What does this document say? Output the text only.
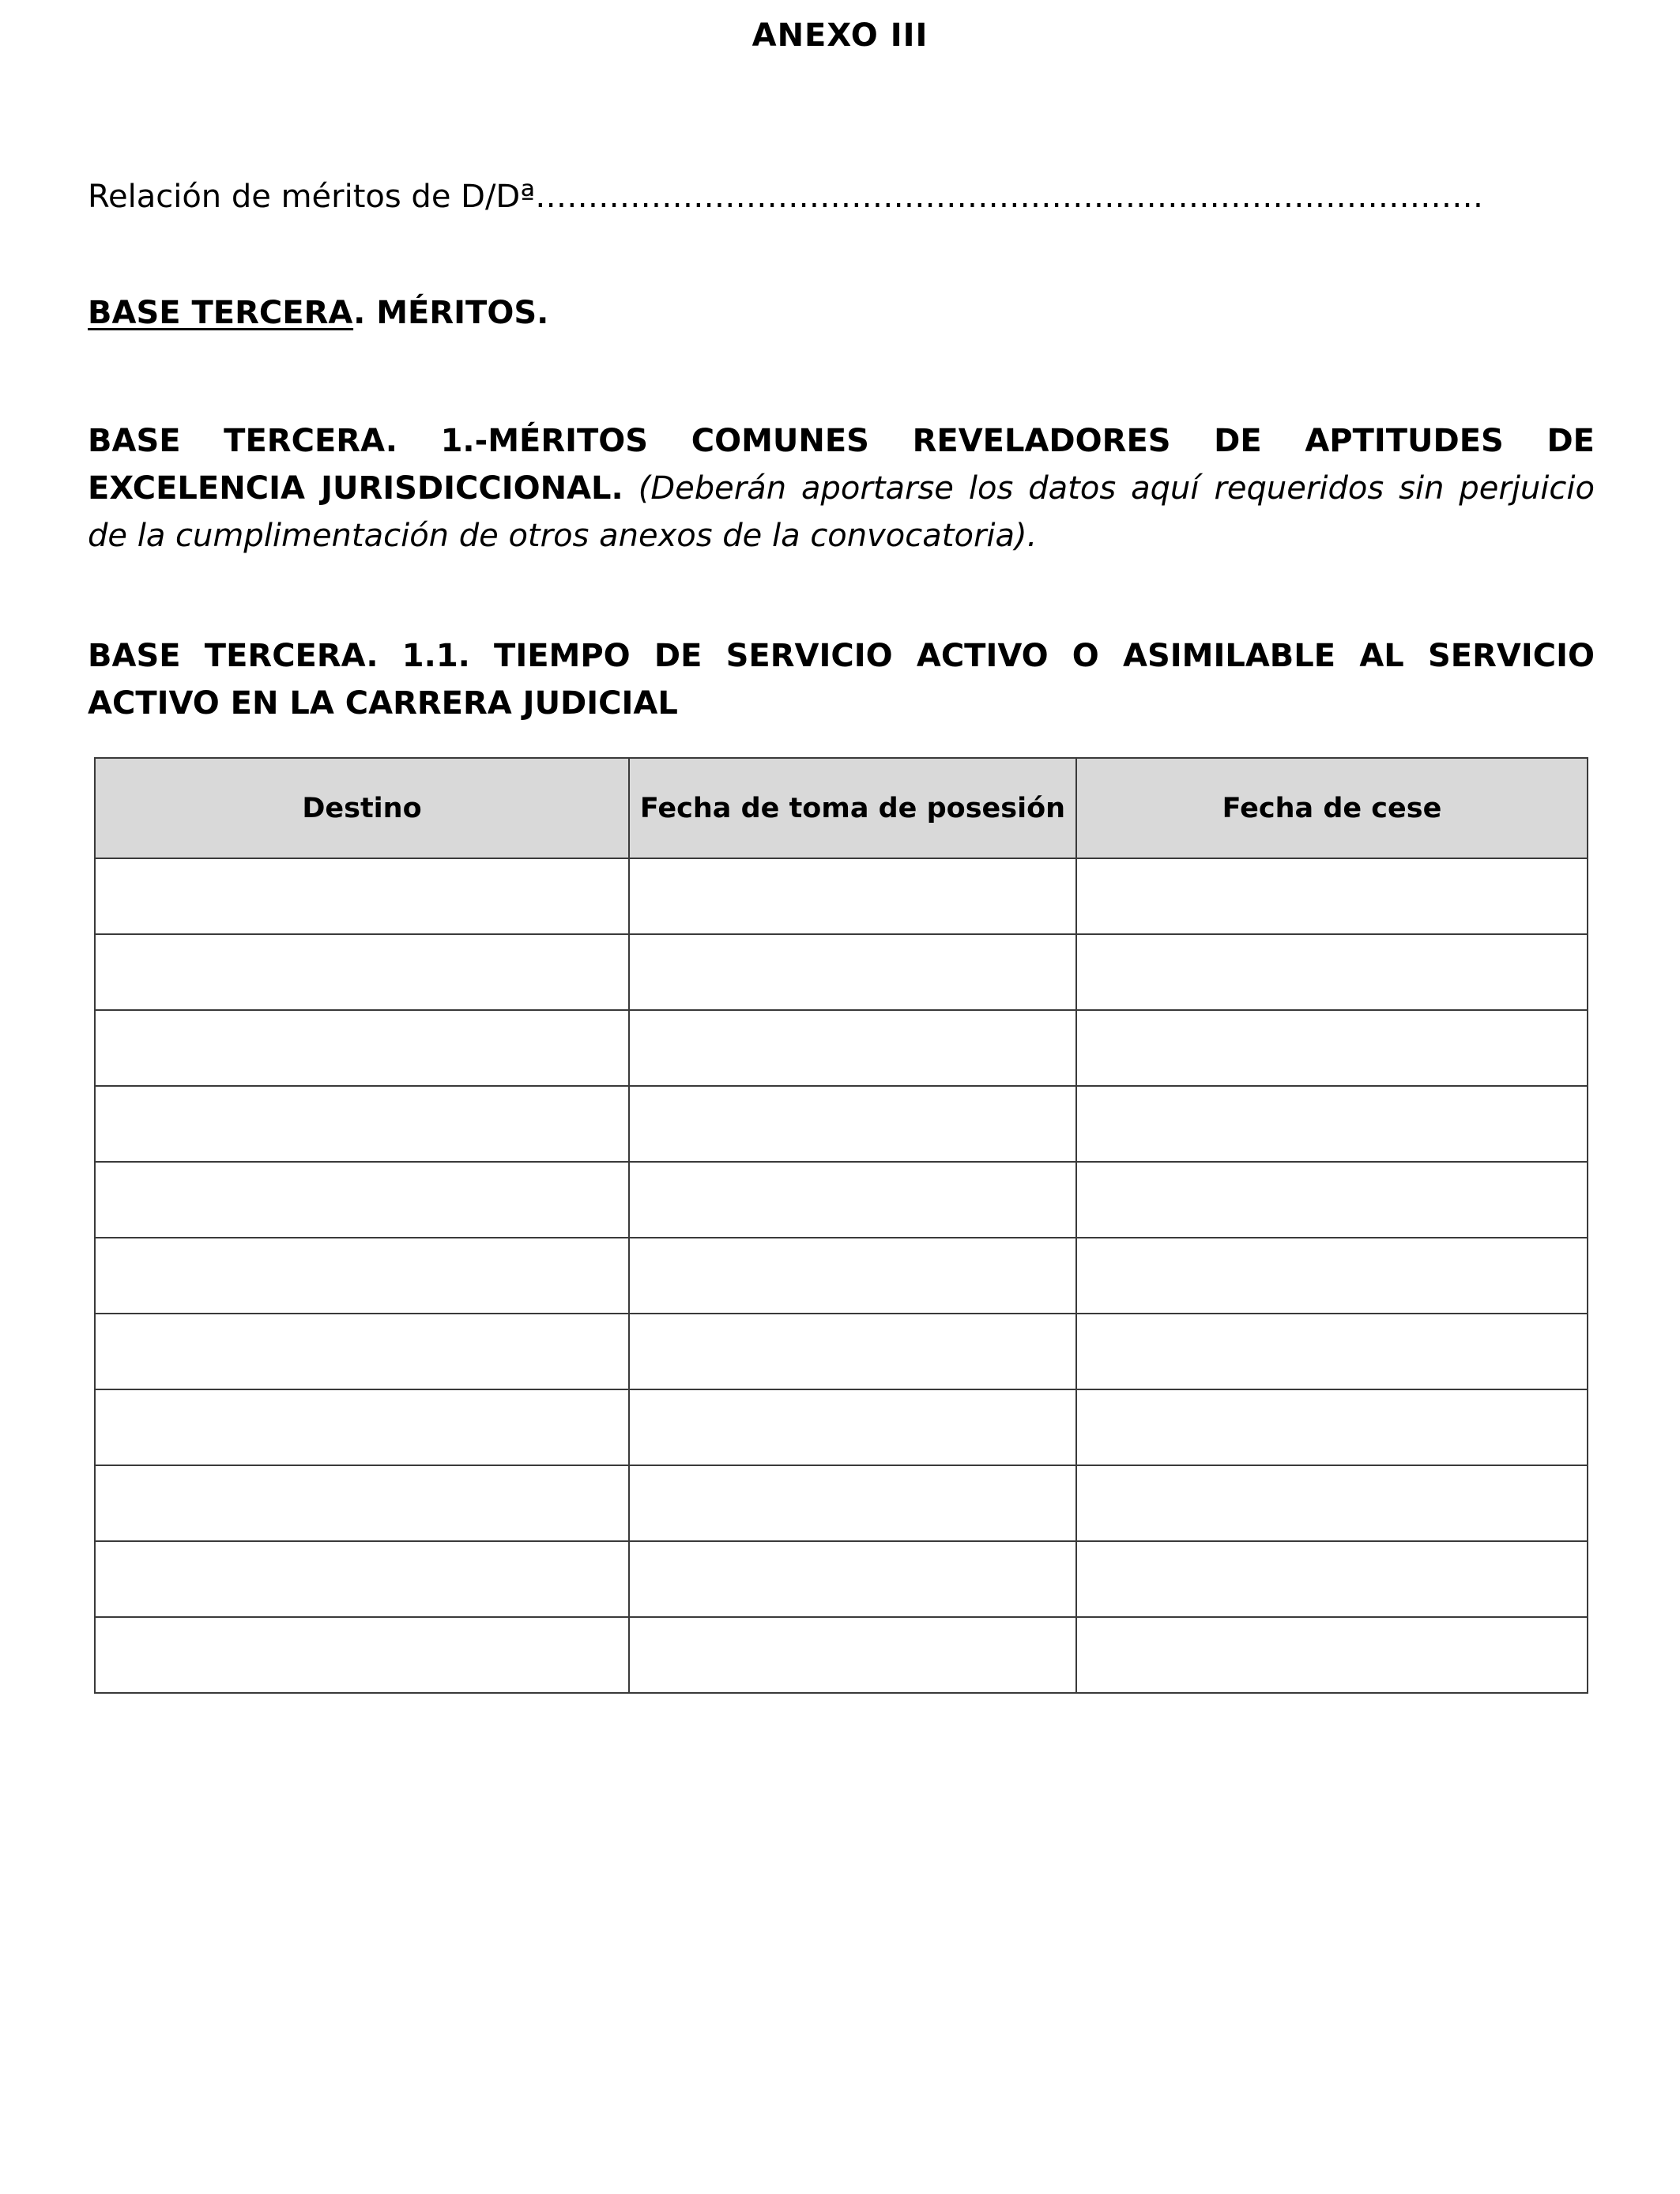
ANEXO III
Relación de méritos de D/Dª………………………………………………………………………………
BASE TERCERA. MÉRITOS.
BASE TERCERA. 1.-MÉRITOS COMUNES REVELADORES DE APTITUDES DE EXCELENCIA JURISDICCIONAL. (Deberán aportarse los datos aquí requeridos sin perjuicio de la cumplimentación de otros anexos de la convocatoria).
BASE TERCERA. 1.1. TIEMPO DE SERVICIO ACTIVO O ASIMILABLE AL SERVICIO ACTIVO EN LA CARRERA JUDICIAL
Destino	Fecha de toma de posesión	Fecha de cese
